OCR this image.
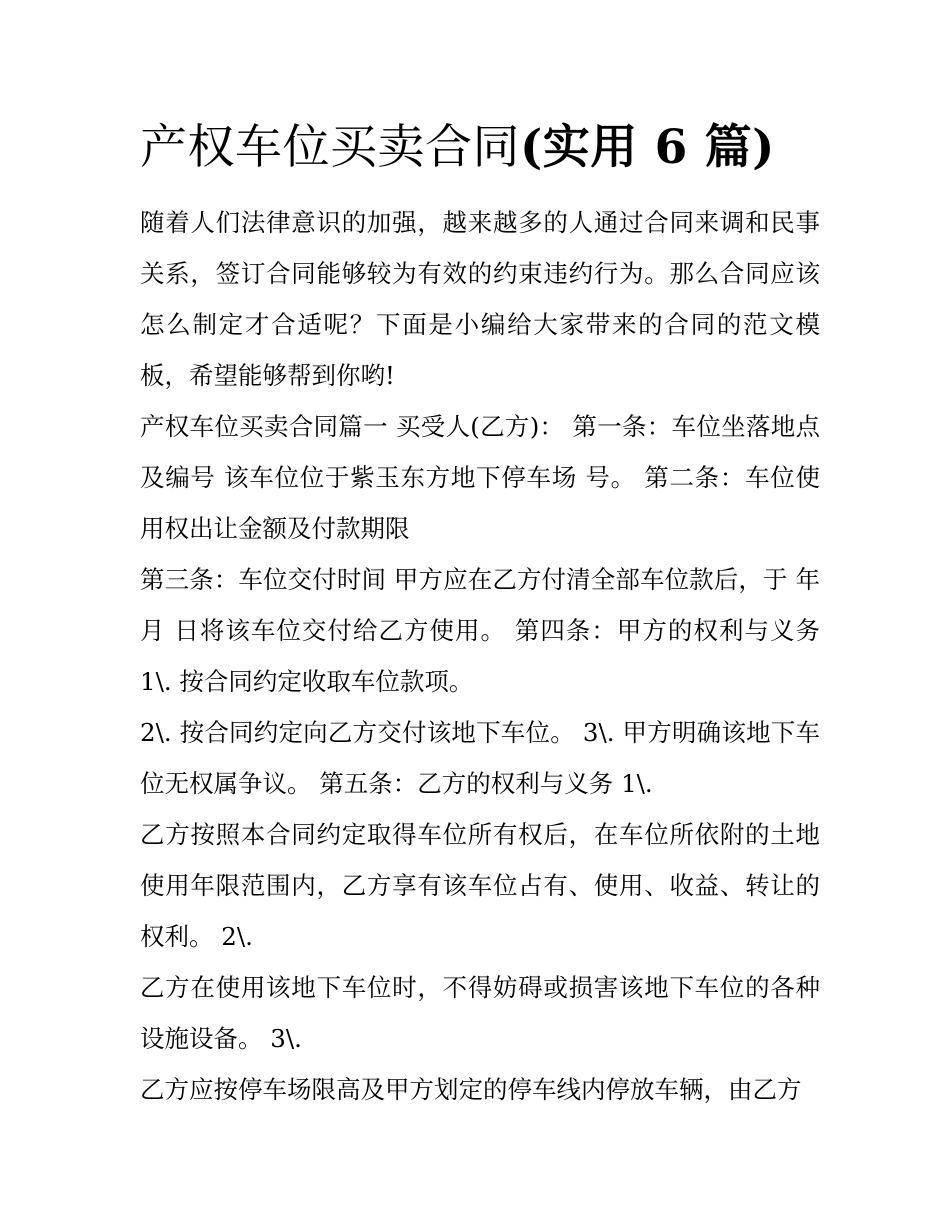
产权车位买卖合同(实用 6 篇)

随着人们法律意识的加强，越来越多的人通过合同来调和民事关系，签订合同能够较为有效的约束违约行为。那么合同应该怎么制定才合适呢？下面是小编给大家带来的合同的范文模板，希望能够帮到你哟!

产权车位买卖合同篇一 买受人(乙方)： 第一条：车位坐落地点及编号 该车位位于紫玉东方地下停车场 号。 第二条：车位使用权出让金额及付款期限

第三条：车位交付时间 甲方应在乙方付清全部车位款后，于 年 月 日将该车位交付给乙方使用。 第四条：甲方的权利与义务 1\. 按合同约定收取车位款项。

2\. 按合同约定向乙方交付该地下车位。 3\. 甲方明确该地下车位无权属争议。 第五条：乙方的权利与义务 1\.

乙方按照本合同约定取得车位所有权后，在车位所依附的土地使用年限范围内，乙方享有该车位占有、使用、收益、转让的权利。 2\.

乙方在使用该地下车位时，不得妨碍或损害该地下车位的各种设施设备。 3\.

乙方应按停车场限高及甲方划定的停车线内停放车辆，由乙方
